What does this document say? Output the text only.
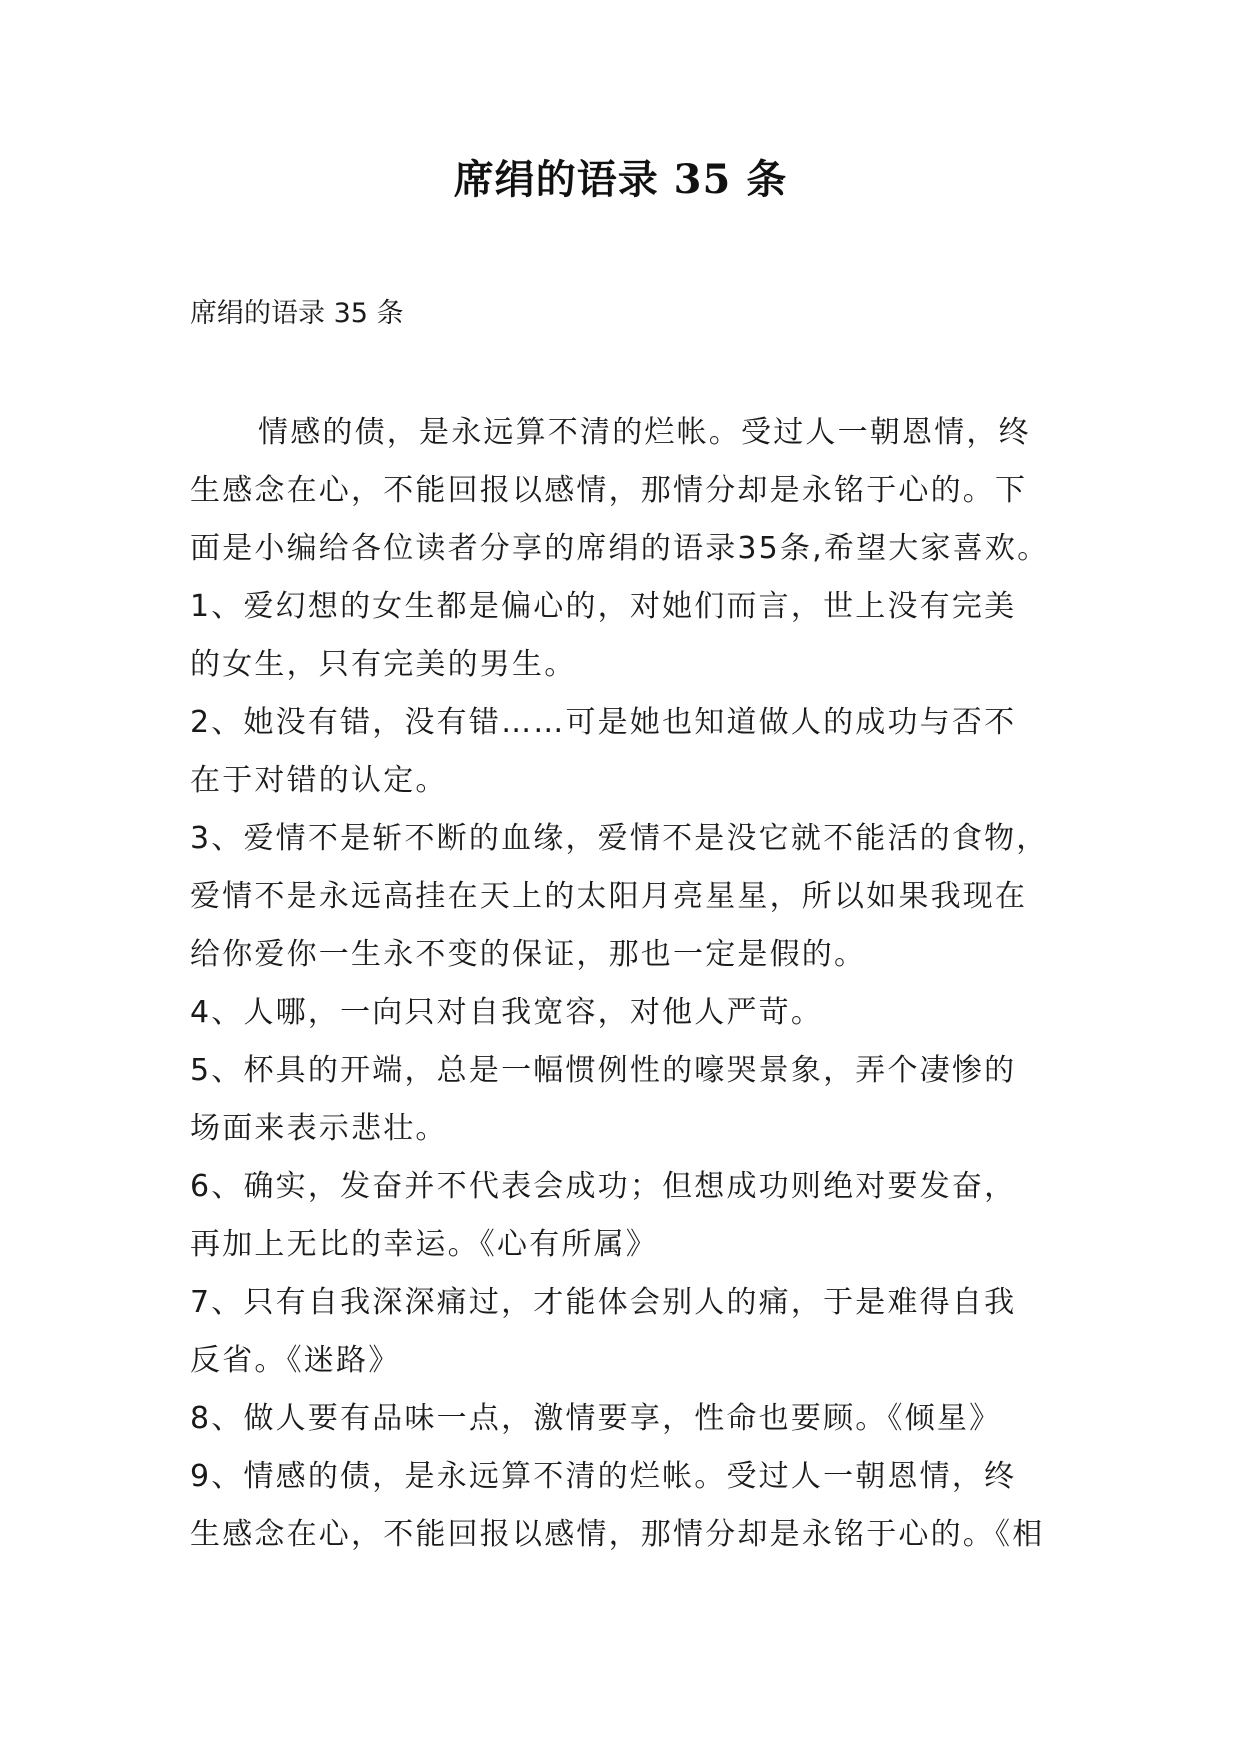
席绢的语录 35 条
席绢的语录 35 条
情感的债，是永远算不清的烂帐。受过人一朝恩情，终
生感念在心，不能回报以感情，那情分却是永铭于心的。下
面是小编给各位读者分享的席绢的语录35条,希望大家喜欢。
1、爱幻想的女生都是偏心的，对她们而言，世上没有完美
的女生，只有完美的男生。
2、她没有错，没有错……可是她也知道做人的成功与否不
在于对错的认定。
3、爱情不是斩不断的血缘，爱情不是没它就不能活的食物，
爱情不是永远高挂在天上的太阳月亮星星，所以如果我现在
给你爱你一生永不变的保证，那也一定是假的。
4、人哪，一向只对自我宽容，对他人严苛。
5、杯具的开端，总是一幅惯例性的嚎哭景象，弄个凄惨的
场面来表示悲壮。
6、确实，发奋并不代表会成功；但想成功则绝对要发奋，
再加上无比的幸运。《心有所属》
7、只有自我深深痛过，才能体会别人的痛，于是难得自我
反省。《迷路》
8、做人要有品味一点，激情要享，性命也要顾。《倾星》
9、情感的债，是永远算不清的烂帐。受过人一朝恩情，终
生感念在心，不能回报以感情，那情分却是永铭于心的。《相
